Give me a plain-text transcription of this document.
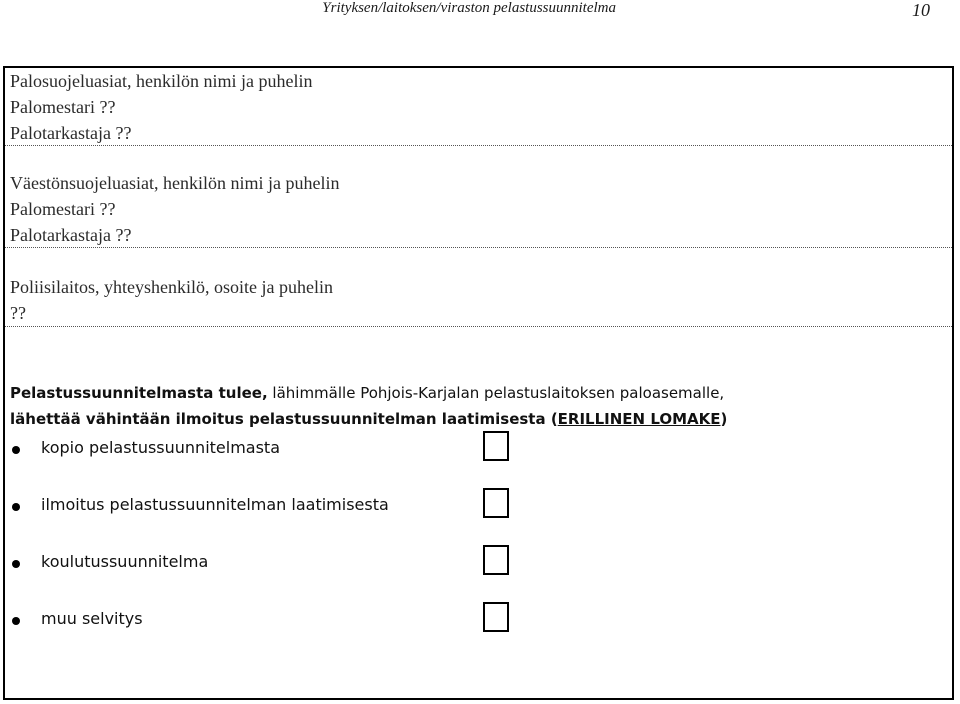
Yrityksen/laitoksen/viraston pelastussuunnitelma	10
Palosuojeluasiat, henkilön nimi ja puhelin
Palomestari ??
Palotarkastaja ??
Väestönsuojeluasiat, henkilön nimi ja puhelin
Palomestari ??
Palotarkastaja ??
Poliisilaitos, yhteyshenkilö, osoite ja puhelin
??
Pelastussuunnitelmasta tulee, lähimmälle Pohjois-Karjalan pelastuslaitoksen paloasemalle,
lähettää vähintään ilmoitus pelastussuunnitelman laatimisesta (ERILLINEN LOMAKE)
kopio pelastussuunnitelmasta
ilmoitus pelastussuunnitelman laatimisesta
koulutussuunnitelma
muu selvitys
